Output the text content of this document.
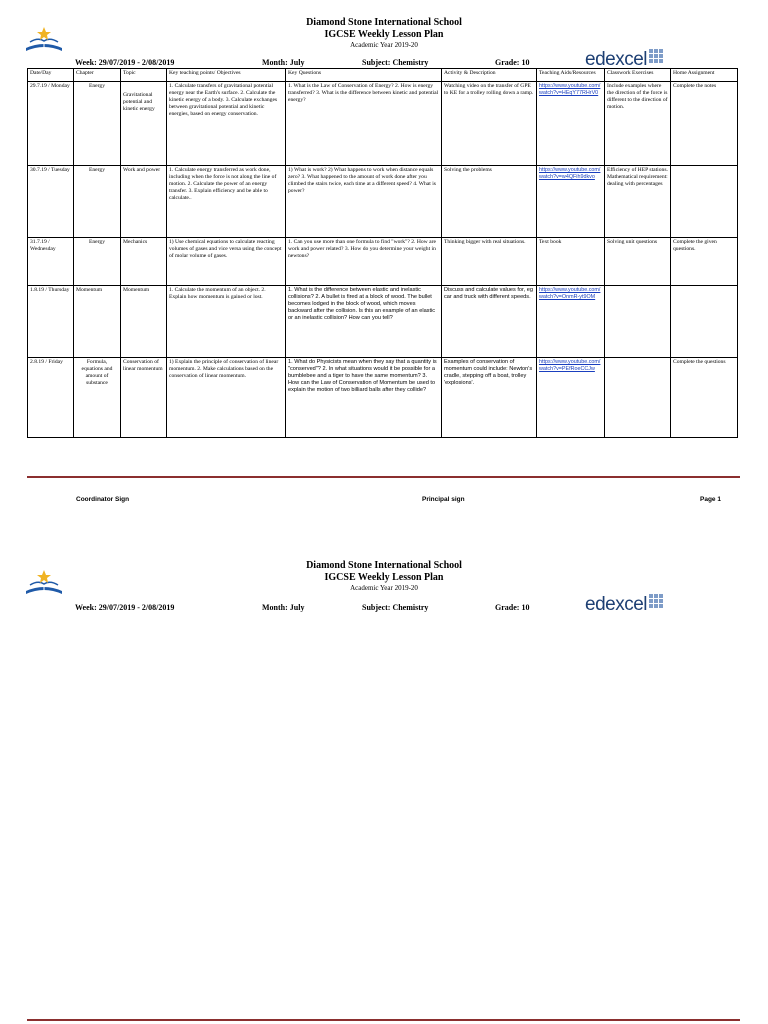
Diamond Stone International School
IGCSE Weekly Lesson Plan
Academic Year 2019-20
Week: 29/07/2019 - 2/08/2019	Month: July	Subject: Chemistry	Grade: 10	edexcel
Date/Day	Chapter	Topic	Key teaching points/ Objectives	Key Questions	Activity & Description	Teaching Aids/Resources	Classwork Exercises	Home Assignment
29.7.19 / Monday	Energy	Gravitational potential and kinetic energy	1. Calculate transfers of gravitational potential energy near the Earth's surface. 2. Calculate the kinetic energy of a body. 3. Calculate exchanges between gravitational potential and kinetic energies, based on energy conservation.	1. What is the Law of Conservation of Energy? 2. How is energy transferred? 3. What is the difference between kinetic and potential energy?	Watching video on the transfer of GPE to KE for a trolley rolling down a ramp.	https://www.youtube.com/watch?v=HEqY77RHrV0	Include examples where the direction of the force is different to the direction of motion.	Complete the notes
30.7.19 / Tuesday	Energy	Work and power	1. Calculate energy transferred as work done, including when the force is not along the line of motion. 2. Calculate the power of an energy transfer. 3. Explain efficiency and be able to calculate..	1) What is work? 2) What happens to work when distance equals zero? 3. What happened to the amount of work done after you climbed the stairs twice, each time at a different speed? 4. What is power?	Solving the problems	https://www.youtube.com/watch?v=w4QFih9dkvo	Efficiency of HEP stations. Mathematical requirement: dealing with percentages	
31.7.19 / Wednesday	Energy	Mechanics	1) Use chemical equations to calculate reacting volumes of gases and vice versa using the concept of molar volume of gases.	1. Can you use more than one formula to find "work"? 2. How are work and power related? 3. How do you determine your weight in newtons?	Thinking bigger with real situations.	Text book	Solving unit questions	Complete the given questions.
1.8.19 / Thursday	Momentum	Momentum	1. Calculate the momentum of an object. 2. Explain how momentum is gained or lost.	1. What is the difference between elastic and inelastic collisions? 2. A bullet is fired at a block of wood. The bullet becomes lodged in the block of wood, which moves backward after the collision. Is this an example of an elastic or an inelastic collision? How can you tell?	Discuss and calculate values for, eg car and truck with different speeds.	https://www.youtube.com/watch?v=OnmR-yt9OM		
2.8.19 / Friday	Formula, equations and amount of substance	Conservation of linear momentum	1) Explain the principle of conservation of linear momentum. 2. Make calculations based on the conservation of linear momentum.	1. What do Physicists mean when they say that a quantity is "conserved"? 2. In what situations would it be possible for a bumblebee and a tiger to have the same momentum? 3. How can the Law of Conservation of Momentum be used to explain the motion of two billiard balls after they collide?	Examples of conservation of momentum could include: Newton's cradle, stepping off a boat, trolley 'explosions'.	https://www.youtube.com/watch?v=PEfRoeCCJw		Complete the questions
Coordinator Sign	Principal sign	Page 1
Diamond Stone International School
IGCSE Weekly Lesson Plan
Academic Year 2019-20
Week: 29/07/2019 - 2/08/2019	Month: July	Subject: Chemistry	Grade: 10	edexcel
